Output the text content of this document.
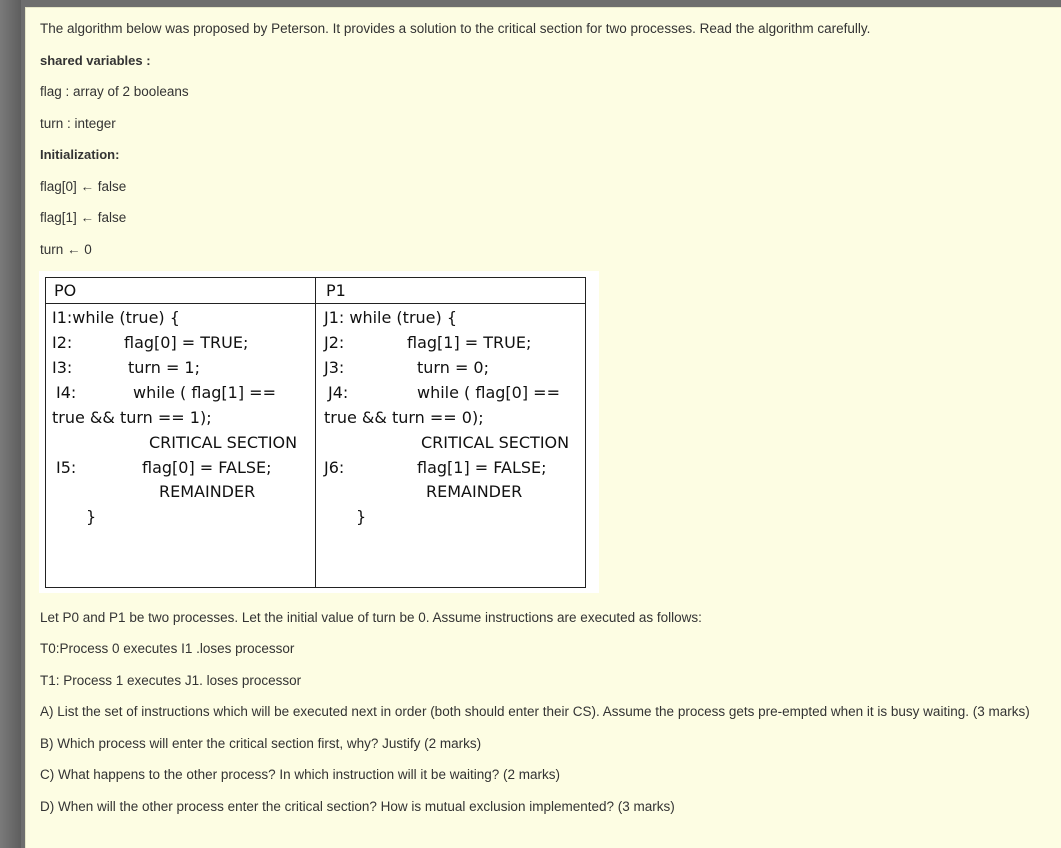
The algorithm below was proposed by Peterson. It provides a solution to the critical section for two processes. Read the algorithm carefully.
shared variables :
flag : array of 2 booleans
turn : integer
Initialization:
flag[0] ← false
flag[1] ← false
turn ← 0
PO
I1:while (true) {
I2:	flag[0] = TRUE;
I3:	turn = 1;
I4:	while ( flag[1] ==
true && turn == 1);
CRITICAL SECTION
I5:	flag[0] = FALSE;
REMAINDER
}
P1
J1: while (true) {
J2:	flag[1] = TRUE;
J3:	turn = 0;
J4:	while ( flag[0] ==
true && turn == 0);
CRITICAL SECTION
J6:	flag[1] = FALSE;
REMAINDER
}
Let P0 and P1 be two processes. Let the initial value of turn be 0. Assume instructions are executed as follows:
T0:Process 0 executes I1 .loses processor
T1: Process 1 executes J1. loses processor
A) List the set of instructions which will be executed next in order (both should enter their CS). Assume the process gets pre-empted when it is busy waiting. (3 marks)
B) Which process will enter the critical section first, why? Justify (2 marks)
C) What happens to the other process? In which instruction will it be waiting? (2 marks)
D) When will the other process enter the critical section? How is mutual exclusion implemented? (3 marks)
